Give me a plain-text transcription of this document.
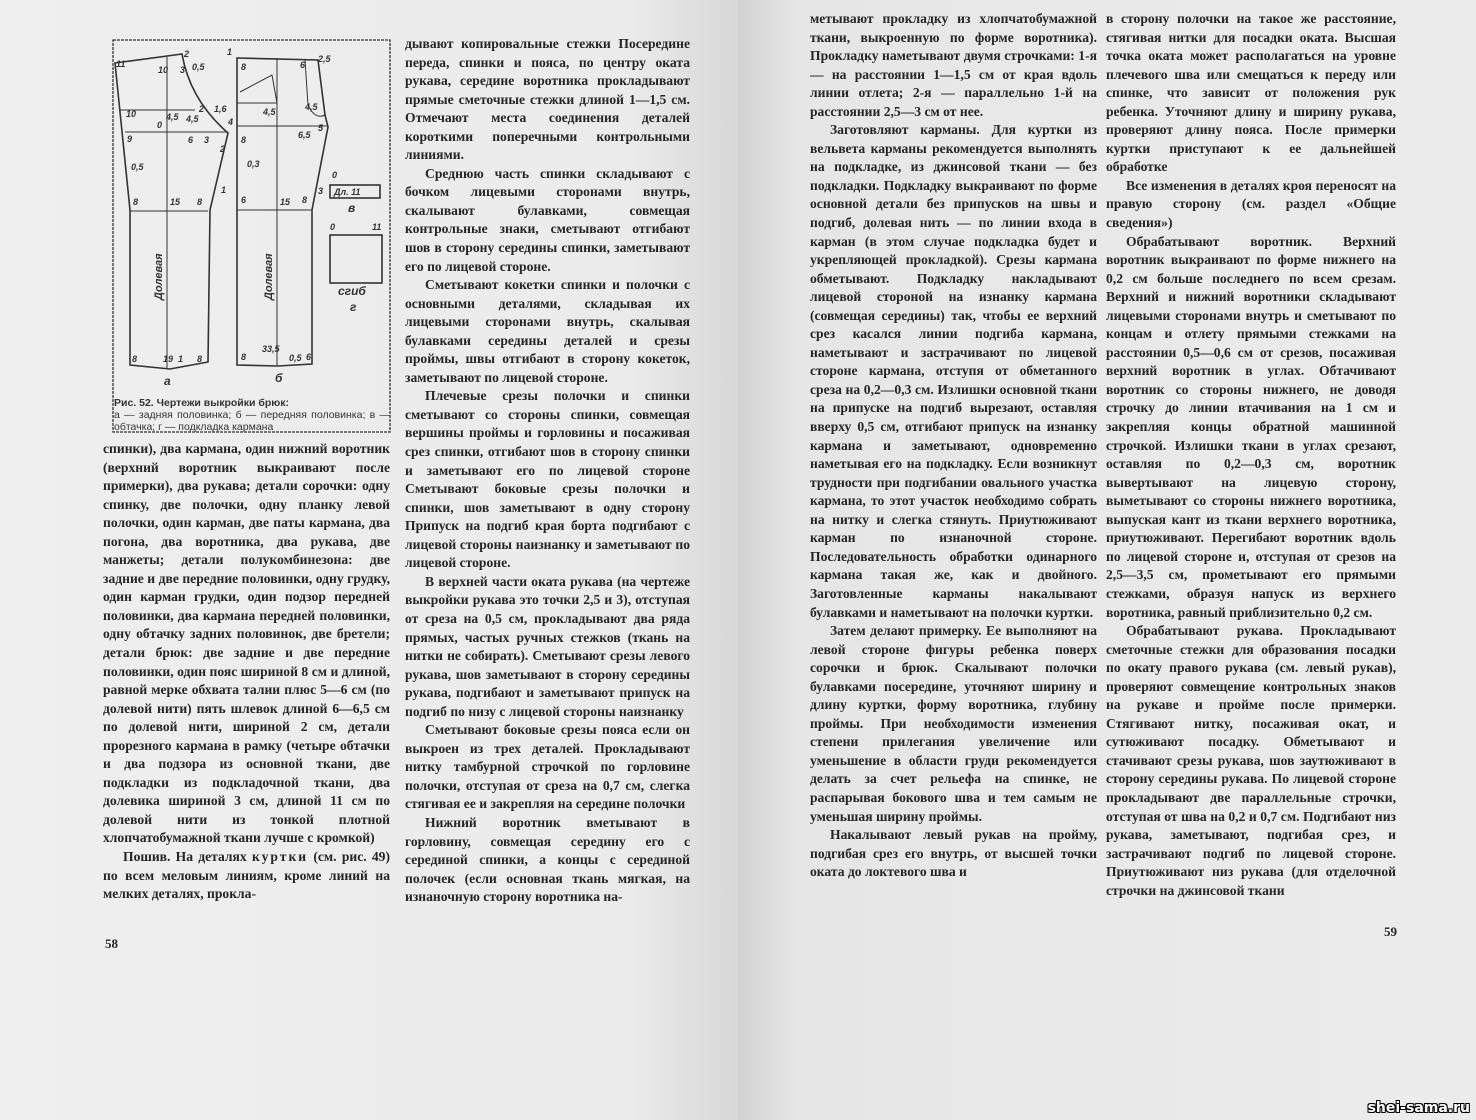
11
10 3
2
0,5
1
8
4
6
2,5
10
0
4,5
2 1,6
4,5
4,5	4,5
9	6 3
2
8	6,5
5
0,5	0,3
1
0
3
8	15 8	6	15 8
Дл. 11
в
0	11
Долевая	Долевая	сгиб
г
8	19 1 8	8
33,5
0,5 6
а	б
Рис. 52. Чертежи выкройки брюк:
а — задняя половинка; б — передняя половинка; в — обтачка; г — подкладка кармана

спинки), два кармана, один нижний воротник (верхний воротник выкраивают после примерки), два рукава; детали сорочки: одну спинку, две полочки, одну планку левой полочки, один карман, две паты кармана, два погона, два воротника, два рукава, две манжеты; детали полукомбинезона: две задние и две передние половинки, одну грудку, один карман грудки, один подзор передней половинки, два кармана передней половинки, одну обтачку задних половинок, две бретели; детали брюк: две задние и две передние половинки, один пояс шириной 8 см и длиной, равной мерке обхвата талии плюс 5—6 см (по долевой нити) пять шлевок длиной 6—6,5 см по долевой нити, шириной 2 см, детали прорезного кармана в рамку (четыре обтачки и два подзора из основной ткани, две подкладки из подкладочной ткани, два долевика шириной 3 см, длиной 11 см по долевой нити из тонкой плотной хлопчатобумажной ткани лучше с кромкой)

Пошив. На деталях куртки (см. рис. 49) по всем меловым линиям, кроме линий на мелких деталях, прокла-

дывают копировальные стежки Посередине переда, спинки и пояса, по центру оката рукава, середине воротника прокладывают прямые сметочные стежки длиной 1—1,5 см. Отмечают места соединения деталей короткими поперечными контрольными линиями.

Среднюю часть спинки складывают с бочком лицевыми сторонами внутрь, скалывают булавками, совмещая контрольные знаки, сметывают отгибают шов в сторону середины спинки, заметывают его по лицевой стороне.

Сметывают кокетки спинки и полочки с основными деталями, складывая их лицевыми сторонами внутрь, скалывая булавками середины деталей и срезы проймы, швы отгибают в сторону кокеток, заметывают по лицевой стороне.

Плечевые срезы полочки и спинки сметывают со стороны спинки, совмещая вершины проймы и горловины и посаживая срез спинки, отгибают шов в сторону спинки и заметывают его по лицевой стороне Сметывают боковые срезы полочки и спинки, шов заметывают в одну сторону Припуск на подгиб края борта подгибают с лицевой стороны наизнанку и заметывают по лицевой стороне.

В верхней части оката рукава (на чертеже выкройки рукава это точки 2,5 и 3), отступая от среза на 0,5 см, прокладывают два ряда прямых, частых ручных стежков (ткань на нитки не собирать). Сметывают срезы левого рукава, шов заметывают в сторону середины рукава, подгибают и заметывают припуск на подгиб по низу с лицевой стороны наизнанку

Сметывают боковые срезы пояса если он выкроен из трех деталей. Прокладывают нитку тамбурной строчкой по горловине полочки, отступая от среза на 0,7 см, слегка стягивая ее и закрепляя на середине полочки

Нижний воротник вметывают в горловину, совмещая середину его с серединой спинки, а концы с серединой полочек (если основная ткань мягкая, на изнаночную сторону воротника на-

58

метывают прокладку из хлопчатобумажной ткани, выкроенную по форме воротника). Прокладку наметывают двумя строчками: 1-я — на расстоянии 1—1,5 см от края вдоль линии отлета; 2-я — параллельно 1-й на расстоянии 2,5—3 см от нее.

Заготовляют карманы. Для куртки из вельвета карманы рекомендуется выполнять на подкладке, из джинсовой ткани — без подкладки. Подкладку выкраивают по форме основной детали без припусков на швы и подгиб, долевая нить — по линии входа в карман (в этом случае подкладка будет и укрепляющей прокладкой). Срезы кармана обметывают. Подкладку накладывают лицевой стороной на изнанку кармана (совмещая середины) так, чтобы ее верхний срез касался линии подгиба кармана, наметывают и застрачивают по лицевой стороне кармана, отступя от обметанного среза на 0,2—0,3 см. Излишки основной ткани на припуске на подгиб вырезают, оставляя вверху 0,5 см, отгибают припуск на изнанку кармана и заметывают, одновременно наметывая его на подкладку. Если возникнут трудности при подгибании овального участка кармана, то этот участок необходимо собрать на нитку и слегка стянуть. Приутюживают карман по изнаночной стороне. Последовательность обработки одинарного кармана такая же, как и двойного. Заготовленные карманы накалывают булавками и наметывают на полочки куртки.

Затем делают примерку. Ее выполняют на левой стороне фигуры ребенка поверх сорочки и брюк. Скалывают полочки булавками посередине, уточняют ширину и длину куртки, форму воротника, глубину проймы. При необходимости изменения степени прилегания увеличение или уменьшение в области груди рекомендуется делать за счет рельефа на спинке, не распарывая бокового шва и тем самым не уменьшая ширину проймы.

Накалывают левый рукав на пройму, подгибая срез его внутрь, от высшей точки оката до локтевого шва и

в сторону полочки на такое же расстояние, стягивая нитки для посадки оката. Высшая точка оката может располагаться на уровне плечевого шва или смещаться к переду или спинке, что зависит от положения рук ребенка. Уточняют длину и ширину рукава, проверяют длину пояса. После примерки куртки приступают к ее дальнейшей обработке

Все изменения в деталях кроя переносят на правую сторону (см. раздел «Общие сведения»)

Обрабатывают воротник. Верхний воротник выкраивают по форме нижнего на 0,2 см больше последнего по всем срезам. Верхний и нижний воротники складывают лицевыми сторонами внутрь и сметывают по концам и отлету прямыми стежками на расстоянии 0,5—0,6 см от срезов, посаживая верхний воротник в углах. Обтачивают воротник со стороны нижнего, не доводя строчку до линии втачивания на 1 см и закрепляя концы обратной машинной строчкой. Излишки ткани в углах срезают, оставляя по 0,2—0,3 см, воротник вывертывают на лицевую сторону, выметывают со стороны нижнего воротника, выпуская кант из ткани верхнего воротника, приутюживают. Перегибают воротник вдоль по лицевой стороне и, отступая от срезов на 2,5—3,5 см, прометывают его прямыми стежками, образуя напуск из верхнего воротника, равный приблизительно 0,2 см.

Обрабатывают рукава. Прокладывают сметочные стежки для образования посадки по окату правого рукава (см. левый рукав), проверяют совмещение контрольных знаков на рукаве и пройме после примерки. Стягивают нитку, посаживая окат, и сутюживают посадку. Обметывают и стачивают срезы рукава, шов заутюживают в сторону середины рукава. По лицевой стороне прокладывают две параллельные строчки, отступая от шва на 0,2 и 0,7 см. Подгибают низ рукава, заметывают, подгибая срез, и застрачивают подгиб по лицевой стороне. Приутюживают низ рукава (для отделочной строчки на джинсовой ткани

59
shei-sama.ru
